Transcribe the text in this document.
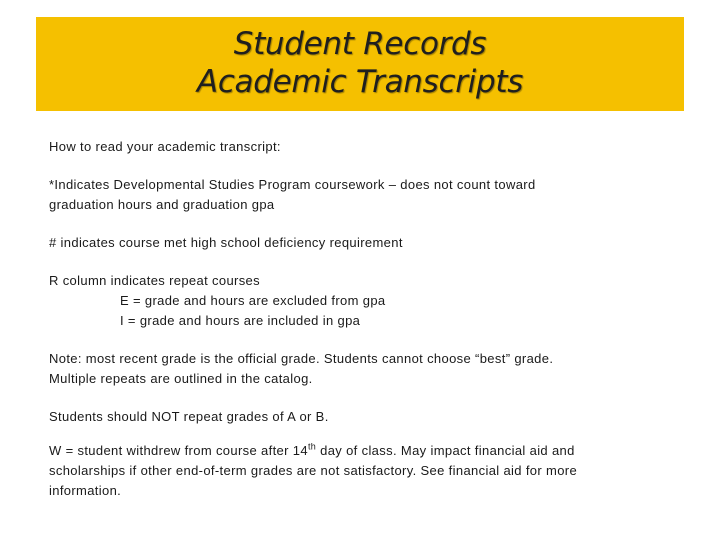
Student Records
Academic Transcripts

How to read your academic transcript:

*Indicates Developmental Studies Program coursework – does not count toward

graduation hours and graduation gpa

# indicates course met high school deficiency requirement

R column indicates repeat courses

E = grade and hours are excluded from gpa

I = grade and hours are included in gpa

Note: most recent grade is the official grade. Students cannot choose “best” grade.

Multiple repeats are outlined in the catalog.

Students should NOT repeat grades of A or B.

W = student withdrew from course after 14th day of class. May impact financial aid and

scholarships if other end-of-term grades are not satisfactory. See financial aid for more

information.
